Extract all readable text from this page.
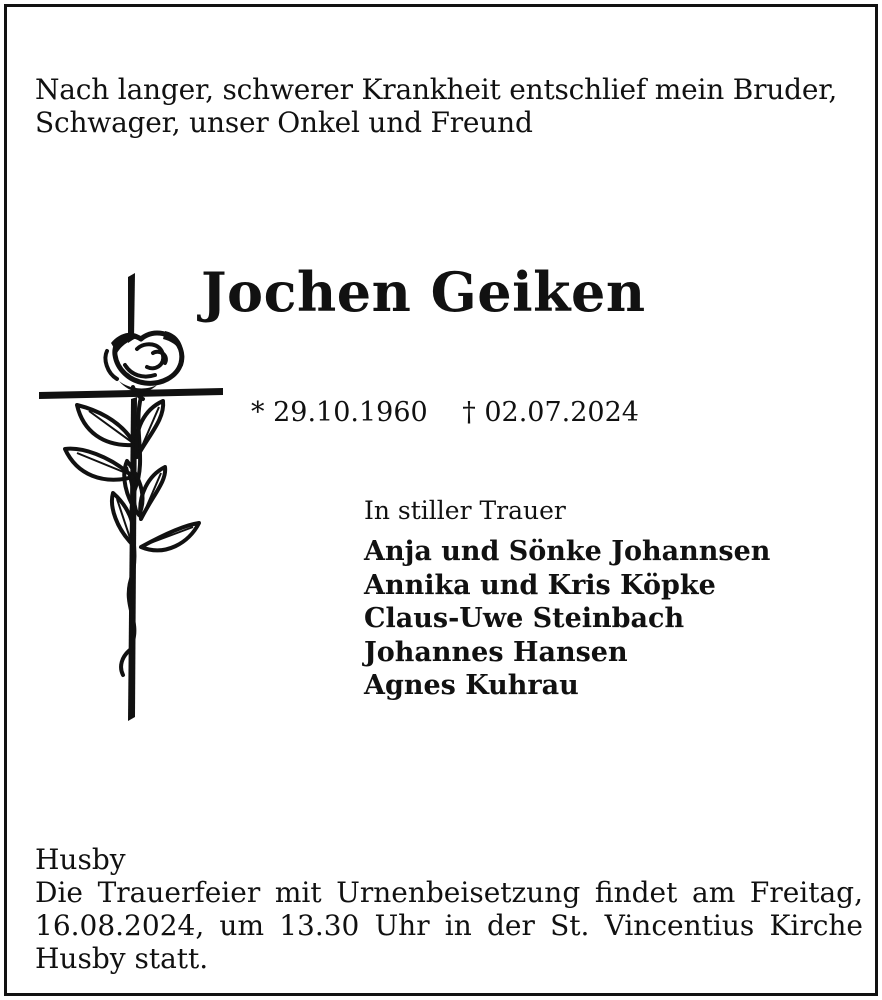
Nach langer, schwerer Krankheit entschlief mein Bruder,
Schwager, unser Onkel und Freund

Jochen Geiken
* 29.10.1960 † 02.07.2024
In stiller Trauer
Anja und Sönke Johannsen
Annika und Kris Köpke
Claus-Uwe Steinbach
Johannes Hansen
Agnes Kuhrau

Husby
Die Trauerfeier mit Urnenbeisetzung findet am Freitag, 16.08.2024, um 13.30 Uhr in der St. Vincentius Kirche Husby statt.
